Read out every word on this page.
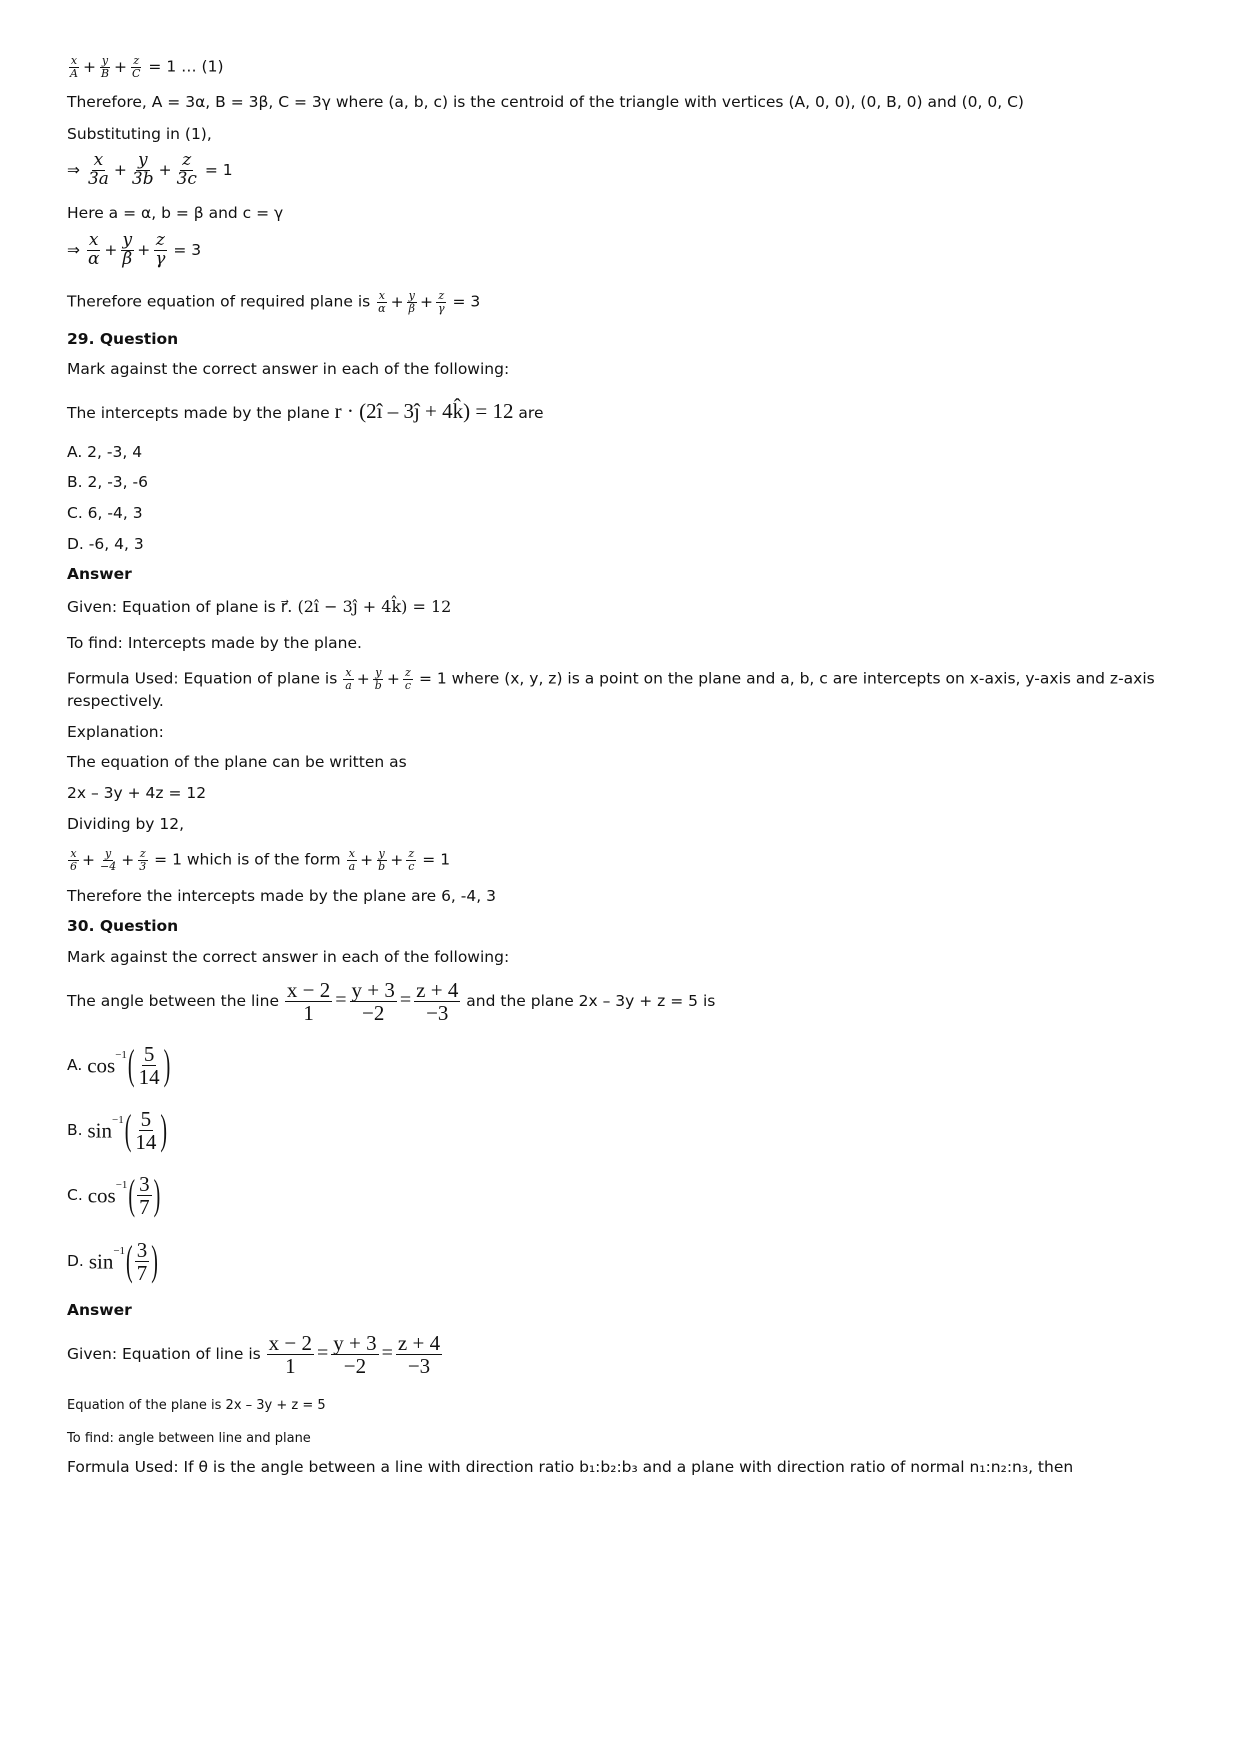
$\frac{x}{A} + \frac{y}{B} + \frac{z}{C} = 1$ … (1)
Therefore, A = 3α, B = 3β, C = 3γ where (a, b, c) is the centroid of the triangle with vertices (A, 0, 0), (0, B, 0) and (0, 0, C)
Substituting in (1),
⇒ $\frac{x}{3a} + \frac{y}{3b} + \frac{z}{3c} = 1$
Here a = α, b = β and c = γ
⇒ $\frac{x}{\alpha} + \frac{y}{\beta} + \frac{z}{\gamma} = 3$
Therefore equation of required plane is $\frac{x}{\alpha} + \frac{y}{\beta} + \frac{z}{\gamma} = 3$
29. Question
Mark against the correct answer in each of the following:
The intercepts made by the plane r · (2î – 3ĵ + 4k̂) = 12 are
A. 2, -3, 4
B. 2, -3, -6
C. 6, -4, 3
D. -6, 4, 3
Answer
Given: Equation of plane is r⃗. (2î − 3ĵ + 4k̂) = 12
To find: Intercepts made by the plane.
Formula Used: Equation of plane is $\frac{x}{a} + \frac{y}{b} + \frac{z}{c} = 1$ where (x, y, z) is a point on the plane and a, b, c are intercepts on x-axis, y-axis and z-axis
respectively.
Explanation:
The equation of the plane can be written as
2x – 3y + 4z = 12
Dividing by 12,
$\frac{x}{6} + \frac{y}{-4} + \frac{z}{3} = 1$ which is of the form $\frac{x}{a} + \frac{y}{b} + \frac{z}{c} = 1$
Therefore the intercepts made by the plane are 6, -4, 3
30. Question
Mark against the correct answer in each of the following:
The angle between the line $\frac{x - 2}{1} = \frac{y + 3}{-2} = \frac{z + 4}{-3}$ and the plane 2x – 3y + z = 5 is
A. $\cos^{-1}( \frac{5}{14}$ )
B. $\sin^{-1}( \frac{5}{14}$ )
C. $\cos^{-1}( \frac{3}{7}$ )
D. $\sin^{-1}( \frac{3}{7}$ )
Answer
Given: Equation of line is $\frac{x - 2}{1} = \frac{y + 3}{-2} = \frac{z + 4}{-3}$
Equation of the plane is 2x – 3y + z = 5
To find: angle between line and plane
Formula Used: If θ is the angle between a line with direction ratio b₁:b₂:b₃ and a plane with direction ratio of normal n₁:n₂:n₃, then
